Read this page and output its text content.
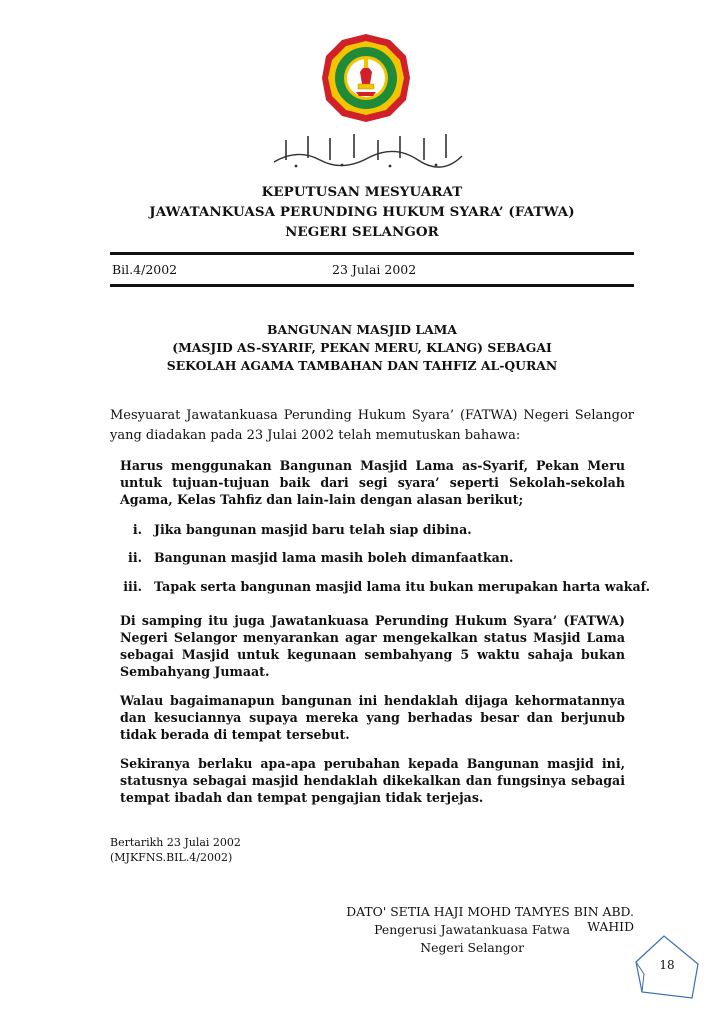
KEPUTUSAN MESYUARAT
JAWATANKUASA PERUNDING HUKUM SYARA’ (FATWA)
NEGERI SELANGOR
Bil.4/2002	23 Julai 2002
BANGUNAN MASJID LAMA
(MASJID AS-SYARIF, PEKAN MERU, KLANG) SEBAGAI
SEKOLAH AGAMA TAMBAHAN DAN TAHFIZ AL-QURAN
Mesyuarat Jawatankuasa Perunding Hukum Syara’ (FATWA) Negeri Selangor yang diadakan pada 23 Julai 2002 telah memutuskan bahawa:
Harus menggunakan Bangunan Masjid Lama as-Syarif, Pekan Meru untuk tujuan-tujuan baik dari segi syara’ seperti Sekolah-sekolah Agama, Kelas Tahfiz dan lain-lain dengan alasan berikut;
i. Jika bangunan masjid baru telah siap dibina.
ii. Bangunan masjid lama masih boleh dimanfaatkan.
iii. Tapak serta bangunan masjid lama itu bukan merupakan harta wakaf.
Di samping itu juga Jawatankuasa Perunding Hukum Syara’ (FATWA) Negeri Selangor menyarankan agar mengekalkan status Masjid Lama sebagai Masjid untuk kegunaan sembahyang 5 waktu sahaja bukan Sembahyang Jumaat.
Walau bagaimanapun bangunan ini hendaklah dijaga kehormatannya dan kesuciannya supaya mereka yang berhadas besar dan berjunub tidak berada di tempat tersebut.
Sekiranya berlaku apa-apa perubahan kepada Bangunan masjid ini, statusnya sebagai masjid hendaklah dikekalkan dan fungsinya sebagai tempat ibadah dan tempat pengajian tidak terjejas.
Bertarikh 23 Julai 2002
(MJKFNS.BIL.4/2002)
DATO' SETIA HAJI MOHD TAMYES BIN ABD. WAHID
Pengerusi Jawatankuasa Fatwa
Negeri Selangor
18
